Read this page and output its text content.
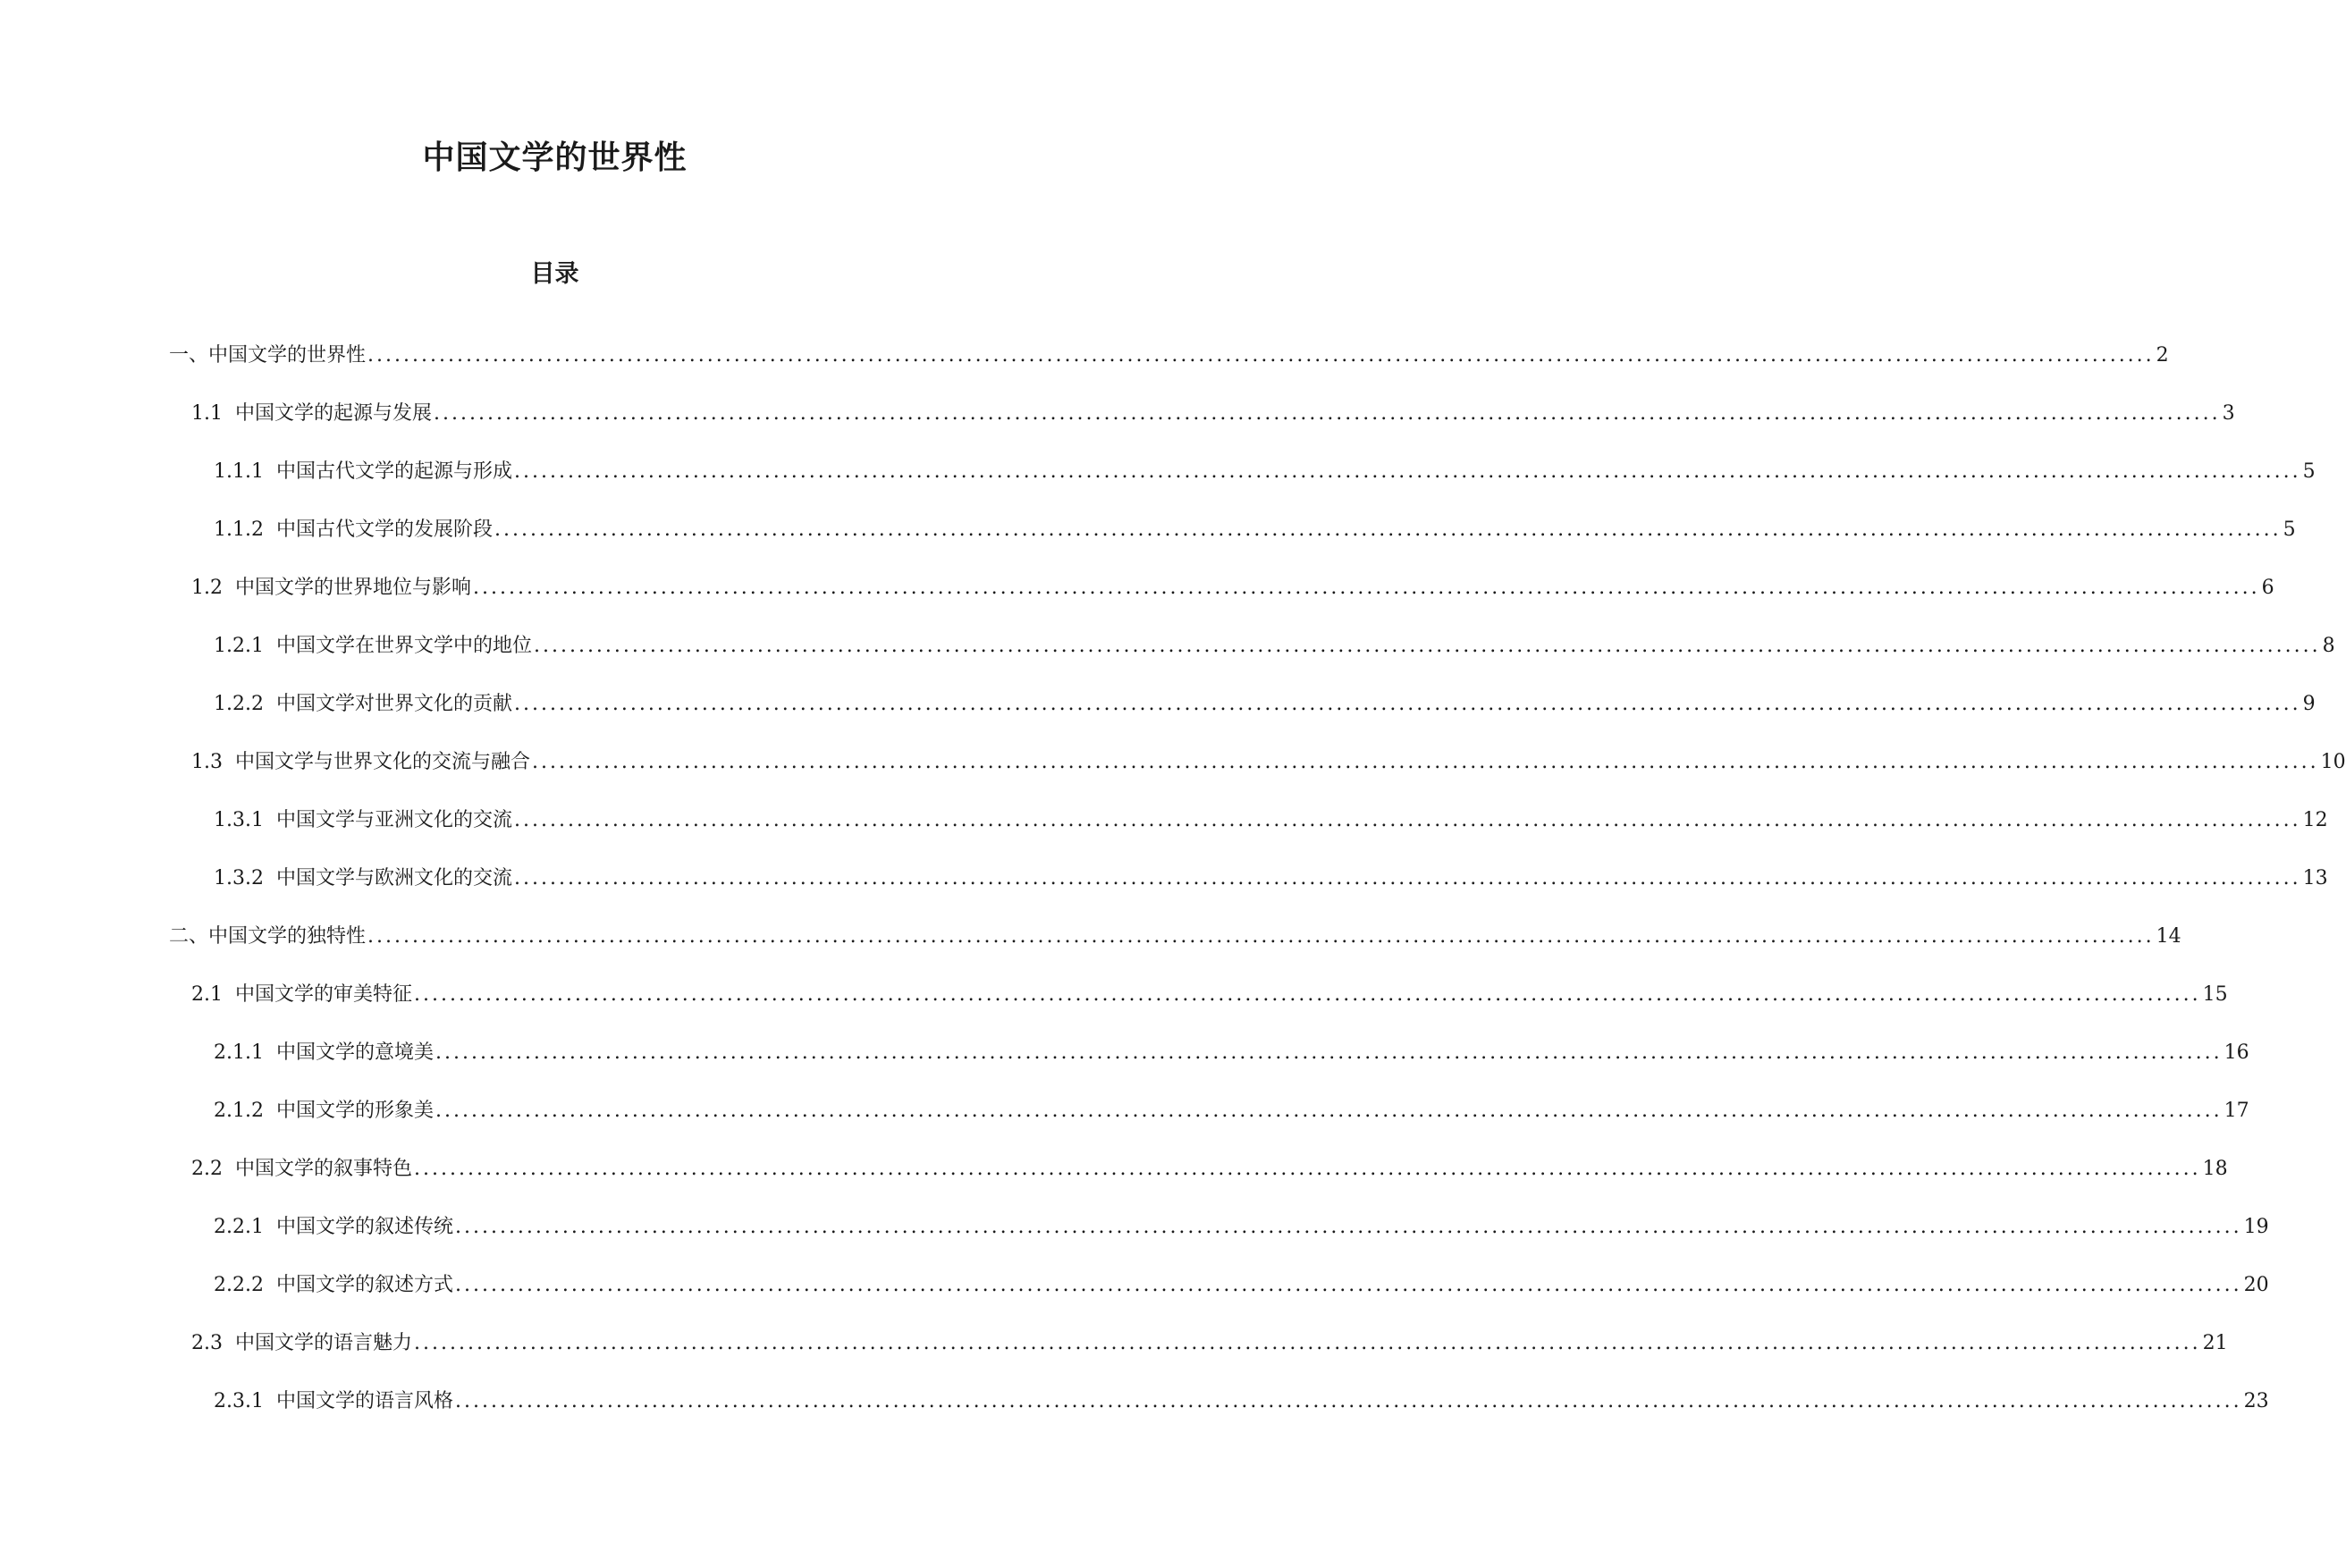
中国文学的世界性
目录
一、 中国文学的世界性 ........................................................................................................................................................................................................ 2
1.1 中国文学的起源与发展 ........................................................................................................................................................................................................ 3
1.1.1 中国古代文学的起源与形成 ........................................................................................................................................................................................................ 5
1.1.2 中国古代文学的发展阶段 ........................................................................................................................................................................................................ 5
1.2 中国文学的世界地位与影响 ........................................................................................................................................................................................................ 6
1.2.1 中国文学在世界文学中的地位 ........................................................................................................................................................................................................ 8
1.2.2 中国文学对世界文化的贡献 ........................................................................................................................................................................................................ 9
1.3 中国文学与世界文化的交流与融合 ........................................................................................................................................................................................................ 10
1.3.1 中国文学与亚洲文化的交流 ........................................................................................................................................................................................................ 12
1.3.2 中国文学与欧洲文化的交流 ........................................................................................................................................................................................................ 13
二、 中国文学的独特性 ........................................................................................................................................................................................................ 14
2.1 中国文学的审美特征 ........................................................................................................................................................................................................ 15
2.1.1 中国文学的意境美 ........................................................................................................................................................................................................ 16
2.1.2 中国文学的形象美 ........................................................................................................................................................................................................ 17
2.2 中国文学的叙事特色 ........................................................................................................................................................................................................ 18
2.2.1 中国文学的叙述传统 ........................................................................................................................................................................................................ 19
2.2.2 中国文学的叙述方式 ........................................................................................................................................................................................................ 20
2.3 中国文学的语言魅力 ........................................................................................................................................................................................................ 21
2.3.1 中国文学的语言风格 ........................................................................................................................................................................................................ 23
